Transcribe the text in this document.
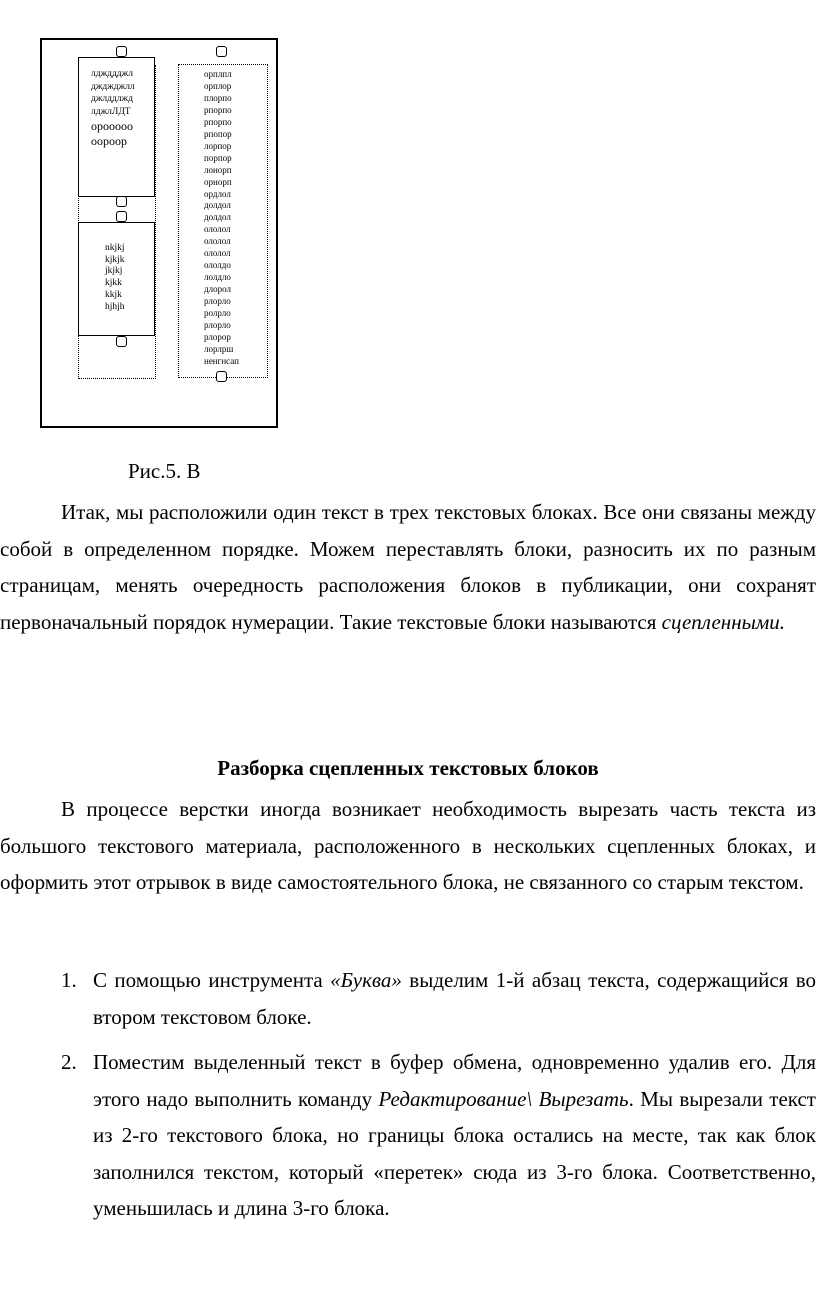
лджддджл
джджджлл
джлддлжд
лджлЛДТ
орооооо
оороор
nkjkj
kjkjk
jkjkj
kjkk
kkjk
hjhjh
орплпл
орплор
плорпо
рпорпо
рпорпо
рпопор
лорпор
порпор
лонорп
орнорп
ордлол
долдол
долдол
ололол
ололол
ололол
ололдо
лолдло
длорол
рлорло
ролрло
рлорло
рлорор
лорлрш
ненгнсап

Рис.5. В

Итак, мы расположили один текст в трех текстовых блоках. Все они связаны между собой в определенном порядке. Можем переставлять блоки, разносить их по разным страницам, менять очередность расположения блоков в публикации, они сохранят первоначальный порядок нумерации. Такие текстовые блоки называются сцепленными.

Разборка сцепленных текстовых блоков

В процессе верстки иногда возникает необходимость вырезать часть текста из большого текстового материала, расположенного в нескольких сцепленных блоках, и оформить этот отрывок в виде самостоятельного блока, не связанного со старым текстом.

1. С помощью инструмента «Буква» выделим 1-й абзац текста, содержащийся во втором текстовом блоке.
2. Поместим выделенный текст в буфер обмена, одновременно удалив его. Для этого надо выполнить команду Редактирование\ Вырезать. Мы вырезали текст из 2-го текстового блока, но границы блока остались на месте, так как блок заполнился текстом, который «перетек» сюда из 3-го блока. Соответственно, уменьшилась и длина 3-го блока.
